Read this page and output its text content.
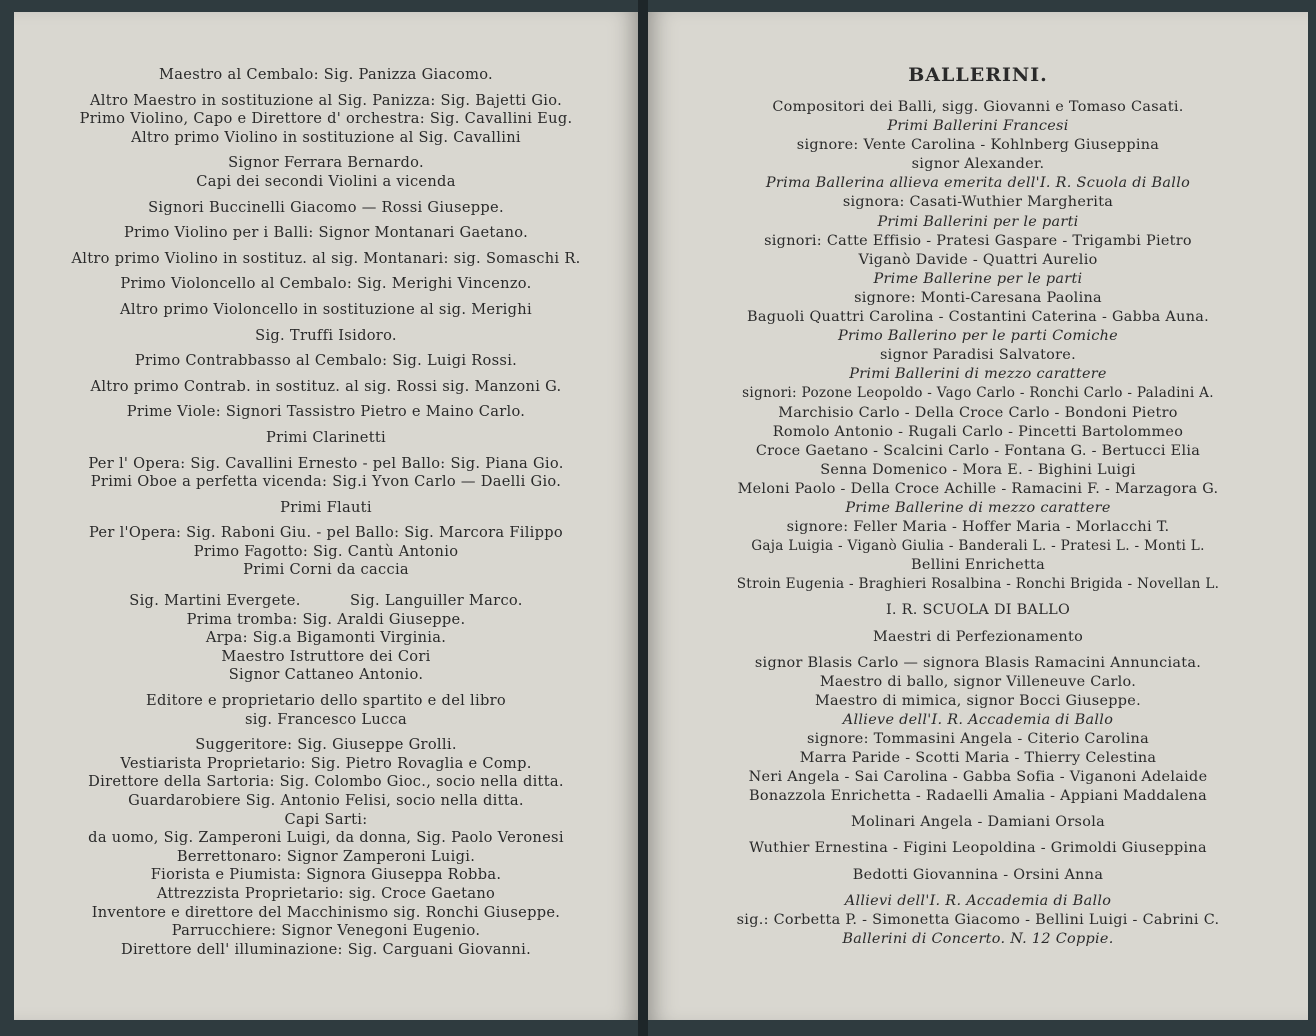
Maestro al Cembalo: Sig. Panizza Giacomo.
Altro Maestro in sostituzione al Sig. Panizza: Sig. Bajetti Gio.
Primo Violino, Capo e Direttore d' orchestra: Sig. Cavallini Eug.
Altro primo Violino in sostituzione al Sig. Cavallini
Signor Ferrara Bernardo.
Capi dei secondi Violini a vicenda
Signori Buccinelli Giacomo — Rossi Giuseppe.
Primo Violino per i Balli: Signor Montanari Gaetano.
Altro primo Violino in sostituz. al sig. Montanari: sig. Somaschi R.
Primo Violoncello al Cembalo: Sig. Merighi Vincenzo.
Altro primo Violoncello in sostituzione al sig. Merighi
Sig. Truffi Isidoro.
Primo Contrabbasso al Cembalo: Sig. Luigi Rossi.
Altro primo Contrab. in sostituz. al sig. Rossi sig. Manzoni G.
Prime Viole: Signori Tassistro Pietro e Maino Carlo.
Primi Clarinetti
Per l' Opera: Sig. Cavallini Ernesto - pel Ballo: Sig. Piana Gio.
Primi Oboe a perfetta vicenda: Sig.i Yvon Carlo — Daelli Gio.
Primi Flauti
Per l'Opera: Sig. Raboni Giu. - pel Ballo: Sig. Marcora Filippo
Primo Fagotto: Sig. Cantù Antonio
Primi Corni da caccia
Sig. Martini Evergete.          Sig. Languiller Marco.
Prima tromba: Sig. Araldi Giuseppe.
Arpa: Sig.a Bigamonti Virginia.
Maestro Istruttore dei Cori
Signor Cattaneo Antonio.
Editore e proprietario dello spartito e del libro
sig. Francesco Lucca
Suggeritore: Sig. Giuseppe Grolli.
Vestiarista Proprietario: Sig. Pietro Rovaglia e Comp.
Direttore della Sartoria: Sig. Colombo Gioc., socio nella ditta.
Guardarobiere Sig. Antonio Felisi, socio nella ditta.
Capi Sarti:
da uomo, Sig. Zamperoni Luigi, da donna, Sig. Paolo Veronesi
Berrettonaro: Signor Zamperoni Luigi.
Fiorista e Piumista: Signora Giuseppa Robba.
Attrezzista Proprietario: sig. Croce Gaetano
Inventore e direttore del Macchinismo sig. Ronchi Giuseppe.
Parrucchiere: Signor Venegoni Eugenio.
Direttore dell' illuminazione: Sig. Carguani Giovanni.
BALLERINI.
Compositori dei Balli, sigg. Giovanni e Tomaso Casati.
Primi Ballerini Francesi
signore: Vente Carolina - Kohlnberg Giuseppina
signor Alexander.
Prima Ballerina allieva emerita dell'I. R. Scuola di Ballo
signora: Casati-Wuthier Margherita
Primi Ballerini per le parti
signori: Catte Effisio - Pratesi Gaspare - Trigambi Pietro
Viganò Davide - Quattri Aurelio
Prime Ballerine per le parti
signore: Monti-Caresana Paolina
Baguoli Quattri Carolina - Costantini Caterina - Gabba Auna.
Primo Ballerino per le parti Comiche
signor Paradisi Salvatore.
Primi Ballerini di mezzo carattere
signori: Pozone Leopoldo - Vago Carlo - Ronchi Carlo - Paladini A.
Marchisio Carlo - Della Croce Carlo - Bondoni Pietro
Romolo Antonio - Rugali Carlo - Pincetti Bartolommeo
Croce Gaetano - Scalcini Carlo - Fontana G. - Bertucci Elia
Senna Domenico - Mora E. - Bighini Luigi
Meloni Paolo - Della Croce Achille - Ramacini F. - Marzagora G.
Prime Ballerine di mezzo carattere
signore: Feller Maria - Hoffer Maria - Morlacchi T.
Gaja Luigia - Viganò Giulia - Banderali L. - Pratesi L. - Monti L.
Bellini Enrichetta
Stroin Eugenia - Braghieri Rosalbina - Ronchi Brigida - Novellan L.
I. R. SCUOLA DI BALLO
Maestri di Perfezionamento
signor Blasis Carlo — signora Blasis Ramacini Annunciata.
Maestro di ballo, signor Villeneuve Carlo.
Maestro di mimica, signor Bocci Giuseppe.
Allieve dell'I. R. Accademia di Ballo
signore: Tommasini Angela - Citerio Carolina
Marra Paride - Scotti Maria - Thierry Celestina
Neri Angela - Sai Carolina - Gabba Sofia - Viganoni Adelaide
Bonazzola Enrichetta - Radaelli Amalia - Appiani Maddalena
Molinari Angela - Damiani Orsola
Wuthier Ernestina - Figini Leopoldina - Grimoldi Giuseppina
Bedotti Giovannina - Orsini Anna
Allievi dell'I. R. Accademia di Ballo
sig.: Corbetta P. - Simonetta Giacomo - Bellini Luigi - Cabrini C.
Ballerini di Concerto. N. 12 Coppie.
